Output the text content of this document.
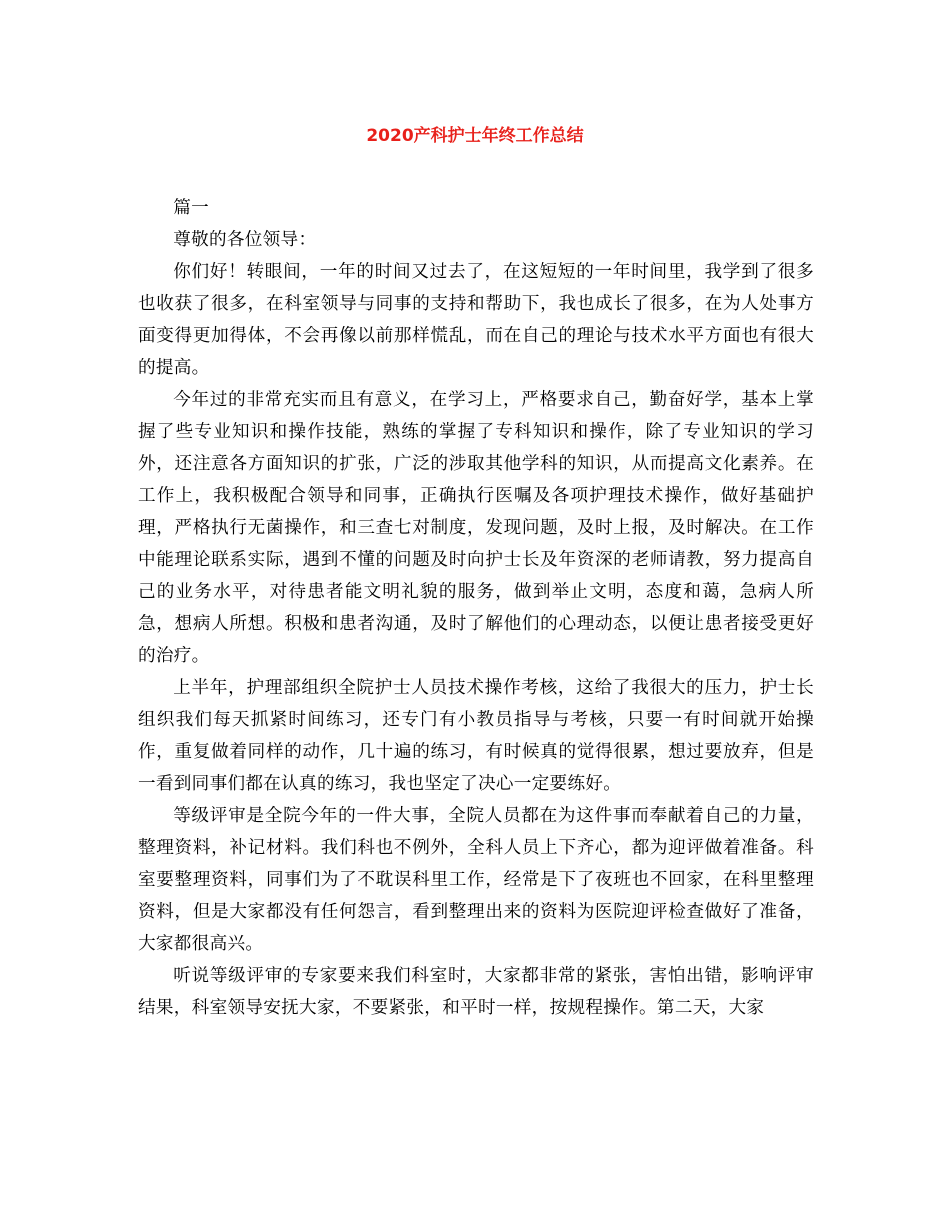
2020产科护士年终工作总结

篇一

尊敬的各位领导：

你们好！转眼间，一年的时间又过去了，在这短短的一年时间里，我学到了很多也收获了很多，在科室领导与同事的支持和帮助下，我也成长了很多，在为人处事方面变得更加得体，不会再像以前那样慌乱，而在自己的理论与技术水平方面也有很大的提高。

今年过的非常充实而且有意义，在学习上，严格要求自己，勤奋好学，基本上掌握了些专业知识和操作技能，熟练的掌握了专科知识和操作，除了专业知识的学习外，还注意各方面知识的扩张，广泛的涉取其他学科的知识，从而提高文化素养。在工作上，我积极配合领导和同事，正确执行医嘱及各项护理技术操作，做好基础护理，严格执行无菌操作，和三查七对制度，发现问题，及时上报，及时解决。在工作中能理论联系实际，遇到不懂的问题及时向护士长及年资深的老师请教，努力提高自己的业务水平，对待患者能文明礼貌的服务，做到举止文明，态度和蔼，急病人所急，想病人所想。积极和患者沟通，及时了解他们的心理动态，以便让患者接受更好的治疗。

上半年，护理部组织全院护士人员技术操作考核，这给了我很大的压力，护士长组织我们每天抓紧时间练习，还专门有小教员指导与考核，只要一有时间就开始操作，重复做着同样的动作，几十遍的练习，有时候真的觉得很累，想过要放弃，但是一看到同事们都在认真的练习，我也坚定了决心一定要练好。

等级评审是全院今年的一件大事，全院人员都在为这件事而奉献着自己的力量，整理资料，补记材料。我们科也不例外，全科人员上下齐心，都为迎评做着准备。科室要整理资料，同事们为了不耽误科里工作，经常是下了夜班也不回家，在科里整理资料，但是大家都没有任何怨言，看到整理出来的资料为医院迎评检查做好了准备，大家都很高兴。

听说等级评审的专家要来我们科室时，大家都非常的紧张，害怕出错，影响评审结果，科室领导安抚大家，不要紧张，和平时一样，按规程操作。第二天，大家
